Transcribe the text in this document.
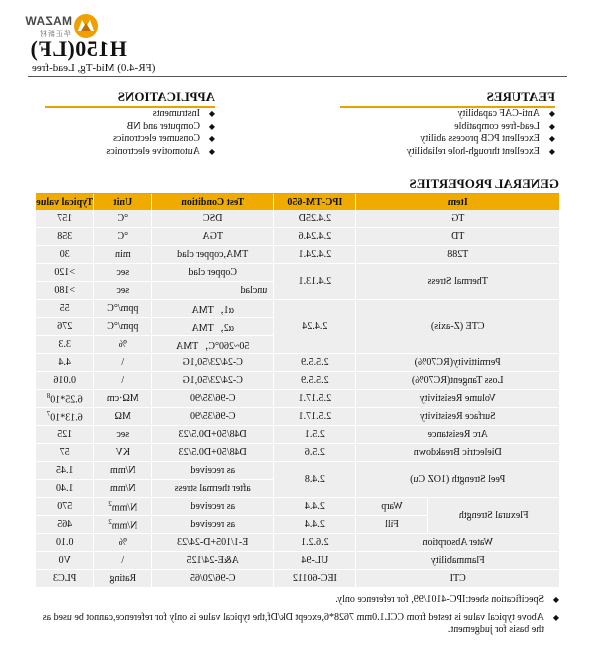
MAZAW
华正新材
H150(LF)
(FR-4.0) Mid-Tg, Lead-free
FEATURES
◆ Anti-CAF capability
◆ Lead-free compatible
◆ Excellent PCB process ability
◆ Excellent through-hole reliability
APPLICATIONS
◆ Instruments
◆ Computer and NB
◆ Consumer electronics
◆ Automotive electronics
GENERAL PROPERTIES
Item		IPC-TM-650	Test Condition	Unit	Typical value
TG		2.4.25D	DSC	°C	157
TD		2.4.24.6	TGA	°C	358
T288		2.4.24.1	TMA,copper clad	min	30
Thermal Stress		2.4.13.1	Copper clad	sec	>120
			unclad	sec	>180
CTE (Z-axis)		2.4.24	α1，TMA	ppm/°C	55
			α2，TMA	ppm/°C	276
			50~260°C，TMA	%	3.3
Permittivity(RC70%)		2.5.5.9	C-24/23/50,1G	\	4.4
Loss Tangent(RC70%)		2.5.5.9	C-24/23/50,1G	\	0.016
Volume Resistivity		2.5.17.1	C-96/35/90	MΩ·cm	$6.25*10^8$
Surface Resistivity		2.5.17.1	C-96/35/90	MΩ	$6.13*10^7$
Arc Resistance		2.5.1	D48/50+D0.5/23	sec	125
Dielectric Breakdown		2.5.6	D48/50+D0.5/23	KV	57
Peel Strength (1OZ Cu)		2.4.8	as received	N/mm	1.45
			after thermal stress	N/mm	1.40
Flexural Strength	Warp	2.4.4	as received	$N/mm^2$	570
	Fill	2.4.4	as received	$N/mm^2$	465
Water Absorption		2.6.2.1	E-1/105+D-24/23	%	0.10
Flammability		UL-94	A&E-24/125	\	V0
CTI		IEC-60112	C-96/20/65	Rating	PLC3
◆ Specification sheet:IPC-4101/99, for reference only.
◆ Above typical value is tested from CCL1.0mm 7628*6,except Dk/Df,the typical value is only for reference,cannot be used as the basis for judgement.
